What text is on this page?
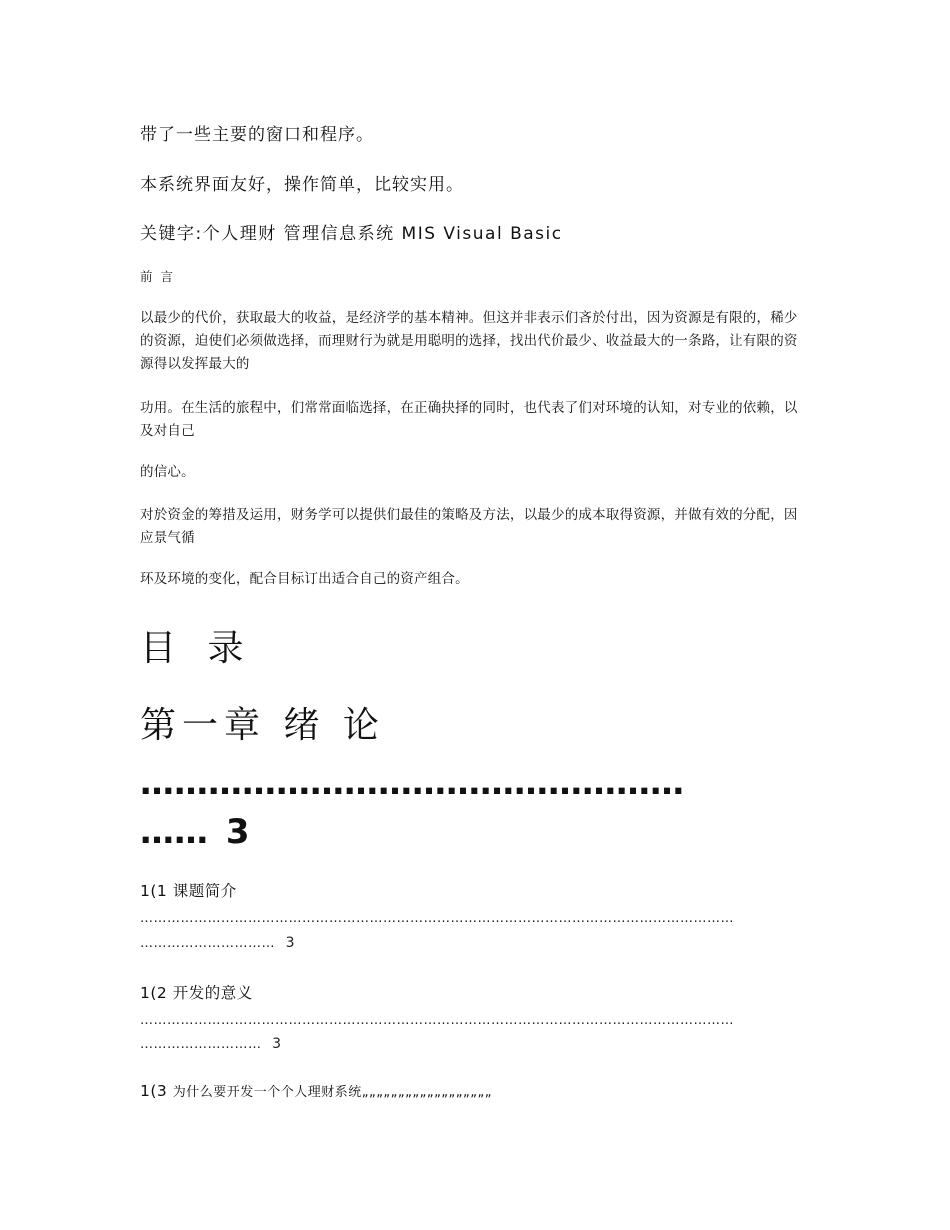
带了一些主要的窗口和程序。
本系统界面友好，操作简单，比较实用。
关键字:个人理财 管理信息系统 MIS Visual Basic
前 言
以最少的代价，获取最大的收益，是经济学的基本精神。但这并非表示们吝於付出，因为资源是有限的，稀少的资源，迫使们必须做选择，而理财行为就是用聪明的选择，找出代价最少、收益最大的一条路，让有限的资源得以发挥最大的
功用。在生活的旅程中，们常常面临选择，在正确抉择的同时，也代表了们对环境的认知，对专业的依赖，以及对自己
的信心。
对於资金的筹措及运用，财务学可以提供们最佳的策略及方法，以最少的成本取得资源，并做有效的分配，因应景气循
环及环境的变化，配合目标订出适合自己的资产组合。
目 录
第一章 绪 论
…………………………………………
…… 3
1(1 课题简介
……………………………………………………………………………………………………………………
………………………… 3
1(2 开发的意义
……………………………………………………………………………………………………………………
……………………… 3
1(3 为什么要开发一个个人理财系统„„„„„„„„„„„„„„„„„„
